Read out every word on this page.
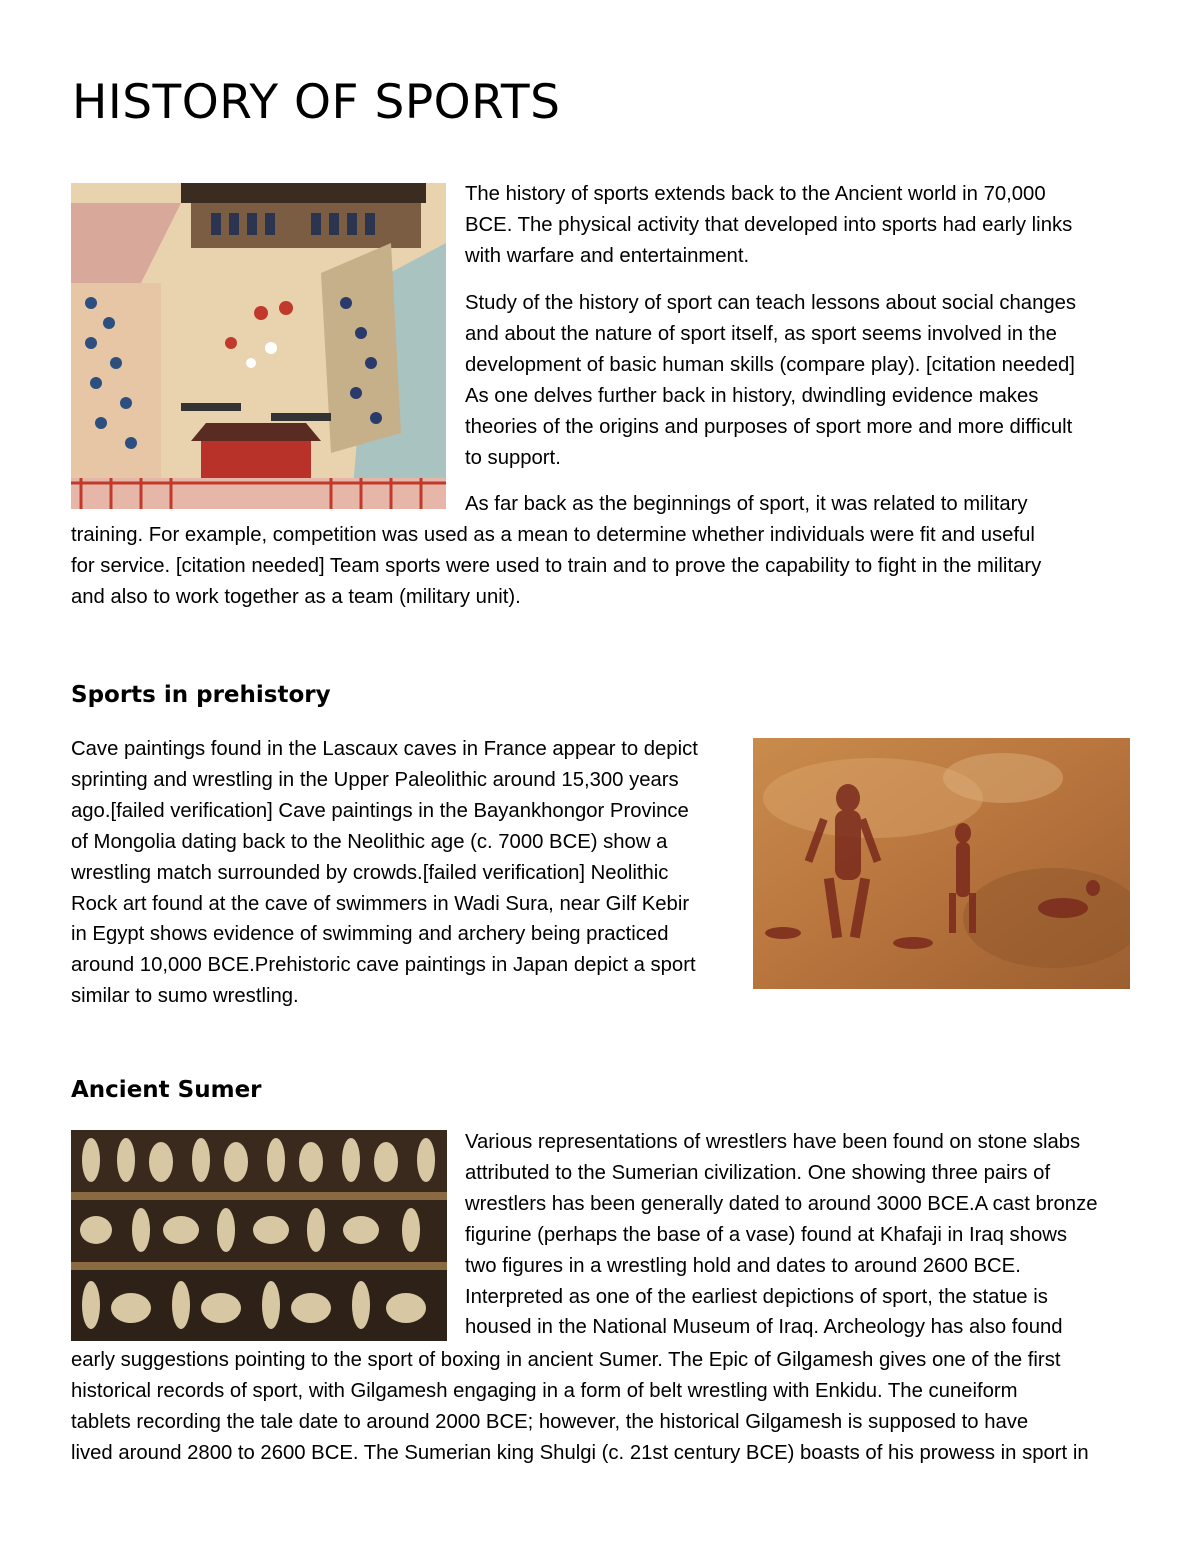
HISTORY OF SPORTS
The history of sports extends back to the Ancient world in 70,000
BCE. The physical activity that developed into sports had early links
with warfare and entertainment.
Study of the history of sport can teach lessons about social changes
and about the nature of sport itself, as sport seems involved in the
development of basic human skills (compare play). [citation needed]
As one delves further back in history, dwindling evidence makes
theories of the origins and purposes of sport more and more difficult
to support.
As far back as the beginnings of sport, it was related to military
training. For example, competition was used as a mean to determine whether individuals were fit and useful
for service. [citation needed] Team sports were used to train and to prove the capability to fight in the military
and also to work together as a team (military unit).
Sports in prehistory
Cave paintings found in the Lascaux caves in France appear to depict
sprinting and wrestling in the Upper Paleolithic around 15,300 years
ago.[failed verification] Cave paintings in the Bayankhongor Province
of Mongolia dating back to the Neolithic age (c. 7000 BCE) show a
wrestling match surrounded by crowds.[failed verification] Neolithic
Rock art found at the cave of swimmers in Wadi Sura, near Gilf Kebir
in Egypt shows evidence of swimming and archery being practiced
around 10,000 BCE.Prehistoric cave paintings in Japan depict a sport
similar to sumo wrestling.
Ancient Sumer
Various representations of wrestlers have been found on stone slabs
attributed to the Sumerian civilization. One showing three pairs of
wrestlers has been generally dated to around 3000 BCE.A cast bronze
figurine (perhaps the base of a vase) found at Khafaji in Iraq shows
two figures in a wrestling hold and dates to around 2600 BCE.
Interpreted as one of the earliest depictions of sport, the statue is
housed in the National Museum of Iraq. Archeology has also found
early suggestions pointing to the sport of boxing in ancient Sumer. The Epic of Gilgamesh gives one of the first
historical records of sport, with Gilgamesh engaging in a form of belt wrestling with Enkidu. The cuneiform
tablets recording the tale date to around 2000 BCE; however, the historical Gilgamesh is supposed to have
lived around 2800 to 2600 BCE. The Sumerian king Shulgi (c. 21st century BCE) boasts of his prowess in sport in
